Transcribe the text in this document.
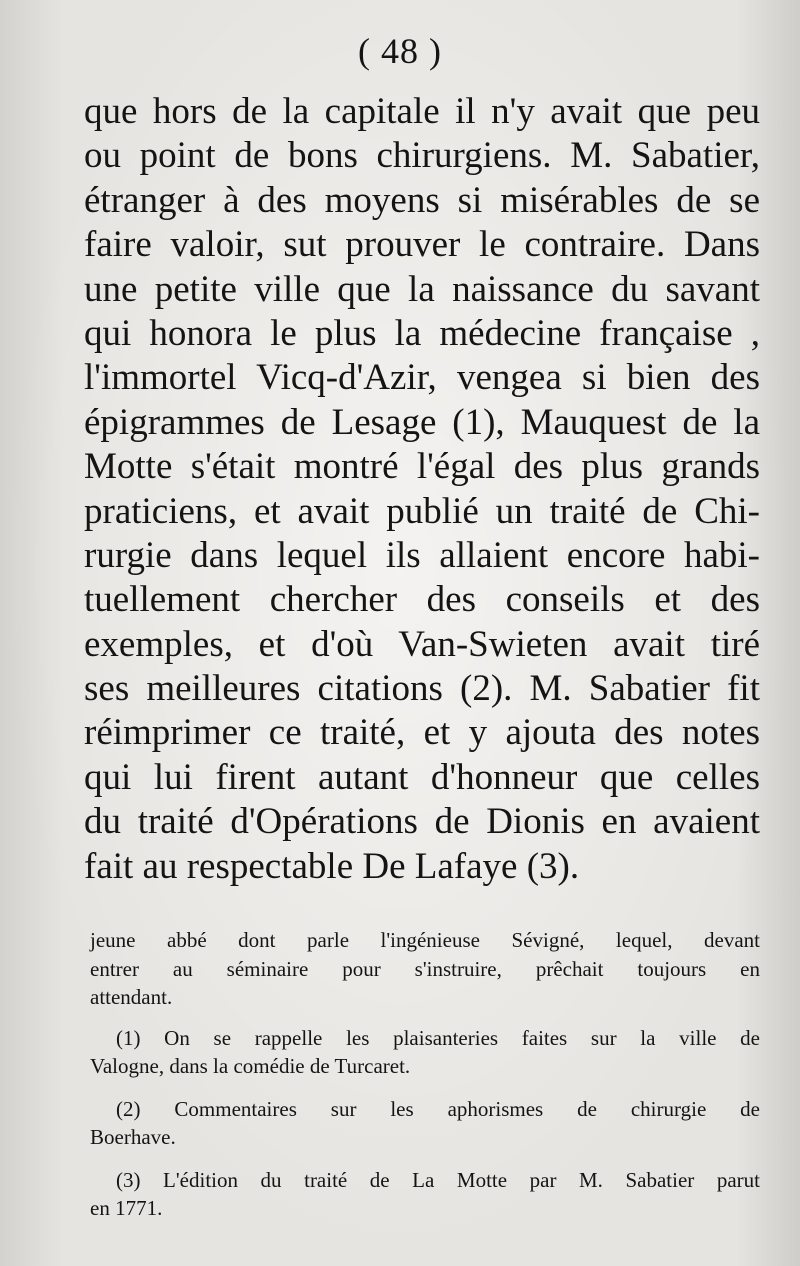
( 48 )
que hors de la capitale il n'y avait que peu
ou point de bons chirurgiens. M. Sabatier,
étranger à des moyens si misérables de se
faire valoir, sut prouver le contraire. Dans
une petite ville que la naissance du savant
qui honora le plus la médecine française ,
l'immortel Vicq-d'Azir, vengea si bien des
épigrammes de Lesage (1), Mauquest de la
Motte s'était montré l'égal des plus grands
praticiens, et avait publié un traité de Chi-
rurgie dans lequel ils allaient encore habi-
tuellement chercher des conseils et des
exemples, et d'où Van-Swieten avait tiré
ses meilleures citations (2). M. Sabatier fit
réimprimer ce traité, et y ajouta des notes
qui lui firent autant d'honneur que celles
du traité d'Opérations de Dionis en avaient
fait au respectable De Lafaye (3).
jeune abbé dont parle l'ingénieuse Sévigné, lequel, devant
entrer au séminaire pour s'instruire, prêchait toujours en
attendant.
(1) On se rappelle les plaisanteries faites sur la ville de
Valogne, dans la comédie de Turcaret.
(2) Commentaires sur les aphorismes de chirurgie de
Boerhave.
(3) L'édition du traité de La Motte par M. Sabatier parut
en 1771.
